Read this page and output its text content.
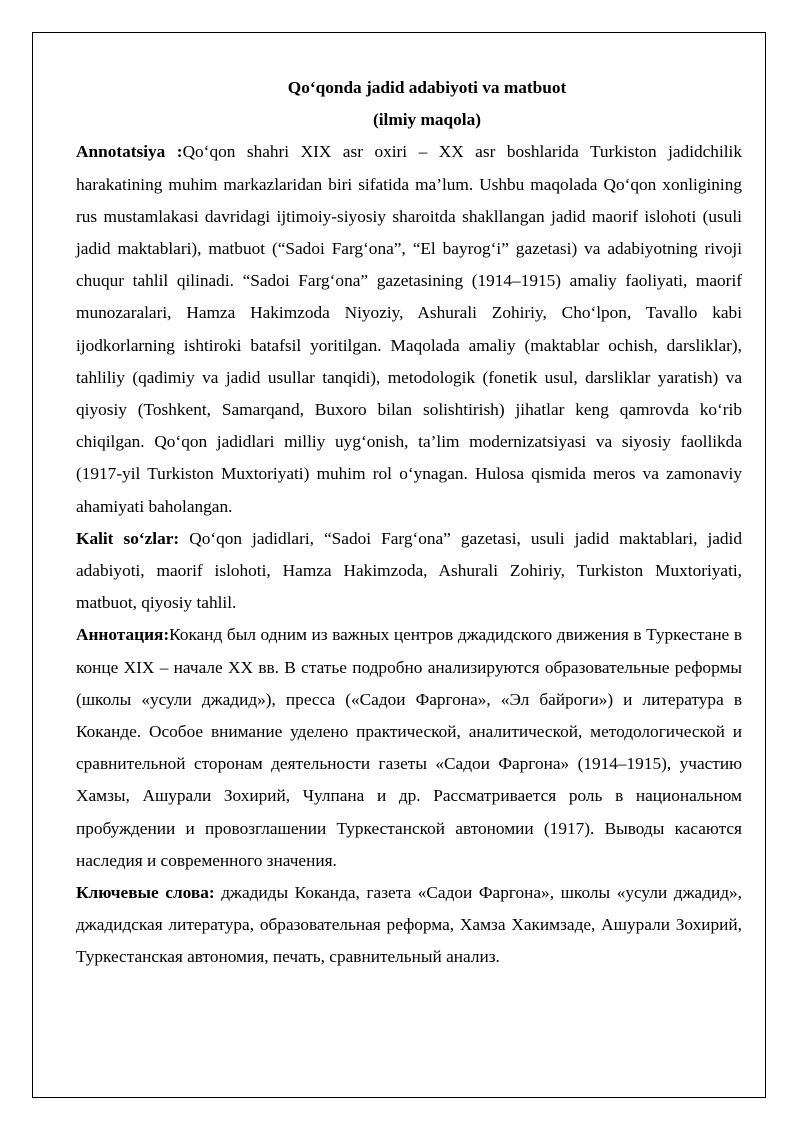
Qo‘qonda jadid adabiyoti va matbuot

(ilmiy maqola)

Annotatsiya :Qo‘qon shahri XIX asr oxiri – XX asr boshlarida Turkiston jadidchilik harakatining muhim markazlaridan biri sifatida ma’lum. Ushbu maqolada Qo‘qon xonligining rus mustamlakasi davridagi ijtimoiy-siyosiy sharoitda shakllangan jadid maorif islohoti (usuli jadid maktablari), matbuot (“Sadoi Farg‘ona”, “El bayrog‘i” gazetasi) va adabiyotning rivoji chuqur tahlil qilinadi. “Sadoi Farg‘ona” gazetasining (1914–1915) amaliy faoliyati, maorif munozaralari, Hamza Hakimzoda Niyoziy, Ashurali Zohiriy, Cho‘lpon, Tavallo kabi ijodkorlarning ishtiroki batafsil yoritilgan. Maqolada amaliy (maktablar ochish, darsliklar), tahliliy (qadimiy va jadid usullar tanqidi), metodologik (fonetik usul, darsliklar yaratish) va qiyosiy (Toshkent, Samarqand, Buxoro bilan solishtirish) jihatlar keng qamrovda ko‘rib chiqilgan. Qo‘qon jadidlari milliy uyg‘onish, ta’lim modernizatsiyasi va siyosiy faollikda (1917-yil Turkiston Muxtoriyati) muhim rol o‘ynagan. Hulosa qismida meros va zamonaviy ahamiyati baholangan.

Kalit so‘zlar: Qo‘qon jadidlari, “Sadoi Farg‘ona” gazetasi, usuli jadid maktablari, jadid adabiyoti, maorif islohoti, Hamza Hakimzoda, Ashurali Zohiriy, Turkiston Muxtoriyati, matbuot, qiyosiy tahlil.

Аннотация:Коканд был одним из важных центров джадидского движения в Туркестане в конце XIX – начале XX вв. В статье подробно анализируются образовательные реформы (школы «усули джадид»), пресса («Садои Фаргона», «Эл байроги») и литература в Коканде. Особое внимание уделено практической, аналитической, методологической и сравнительной сторонам деятельности газеты «Садои Фаргона» (1914–1915), участию Хамзы, Ашурали Зохирий, Чулпана и др. Рассматривается роль в национальном пробуждении и провозглашении Туркестанской автономии (1917). Выводы касаются наследия и современного значения.

Ключевые слова: джадиды Коканда, газета «Садои Фаргона», школы «усули джадид», джадидская литература, образовательная реформа, Хамза Хакимзаде, Ашурали Зохирий, Туркестанская автономия, печать, сравнительный анализ.
